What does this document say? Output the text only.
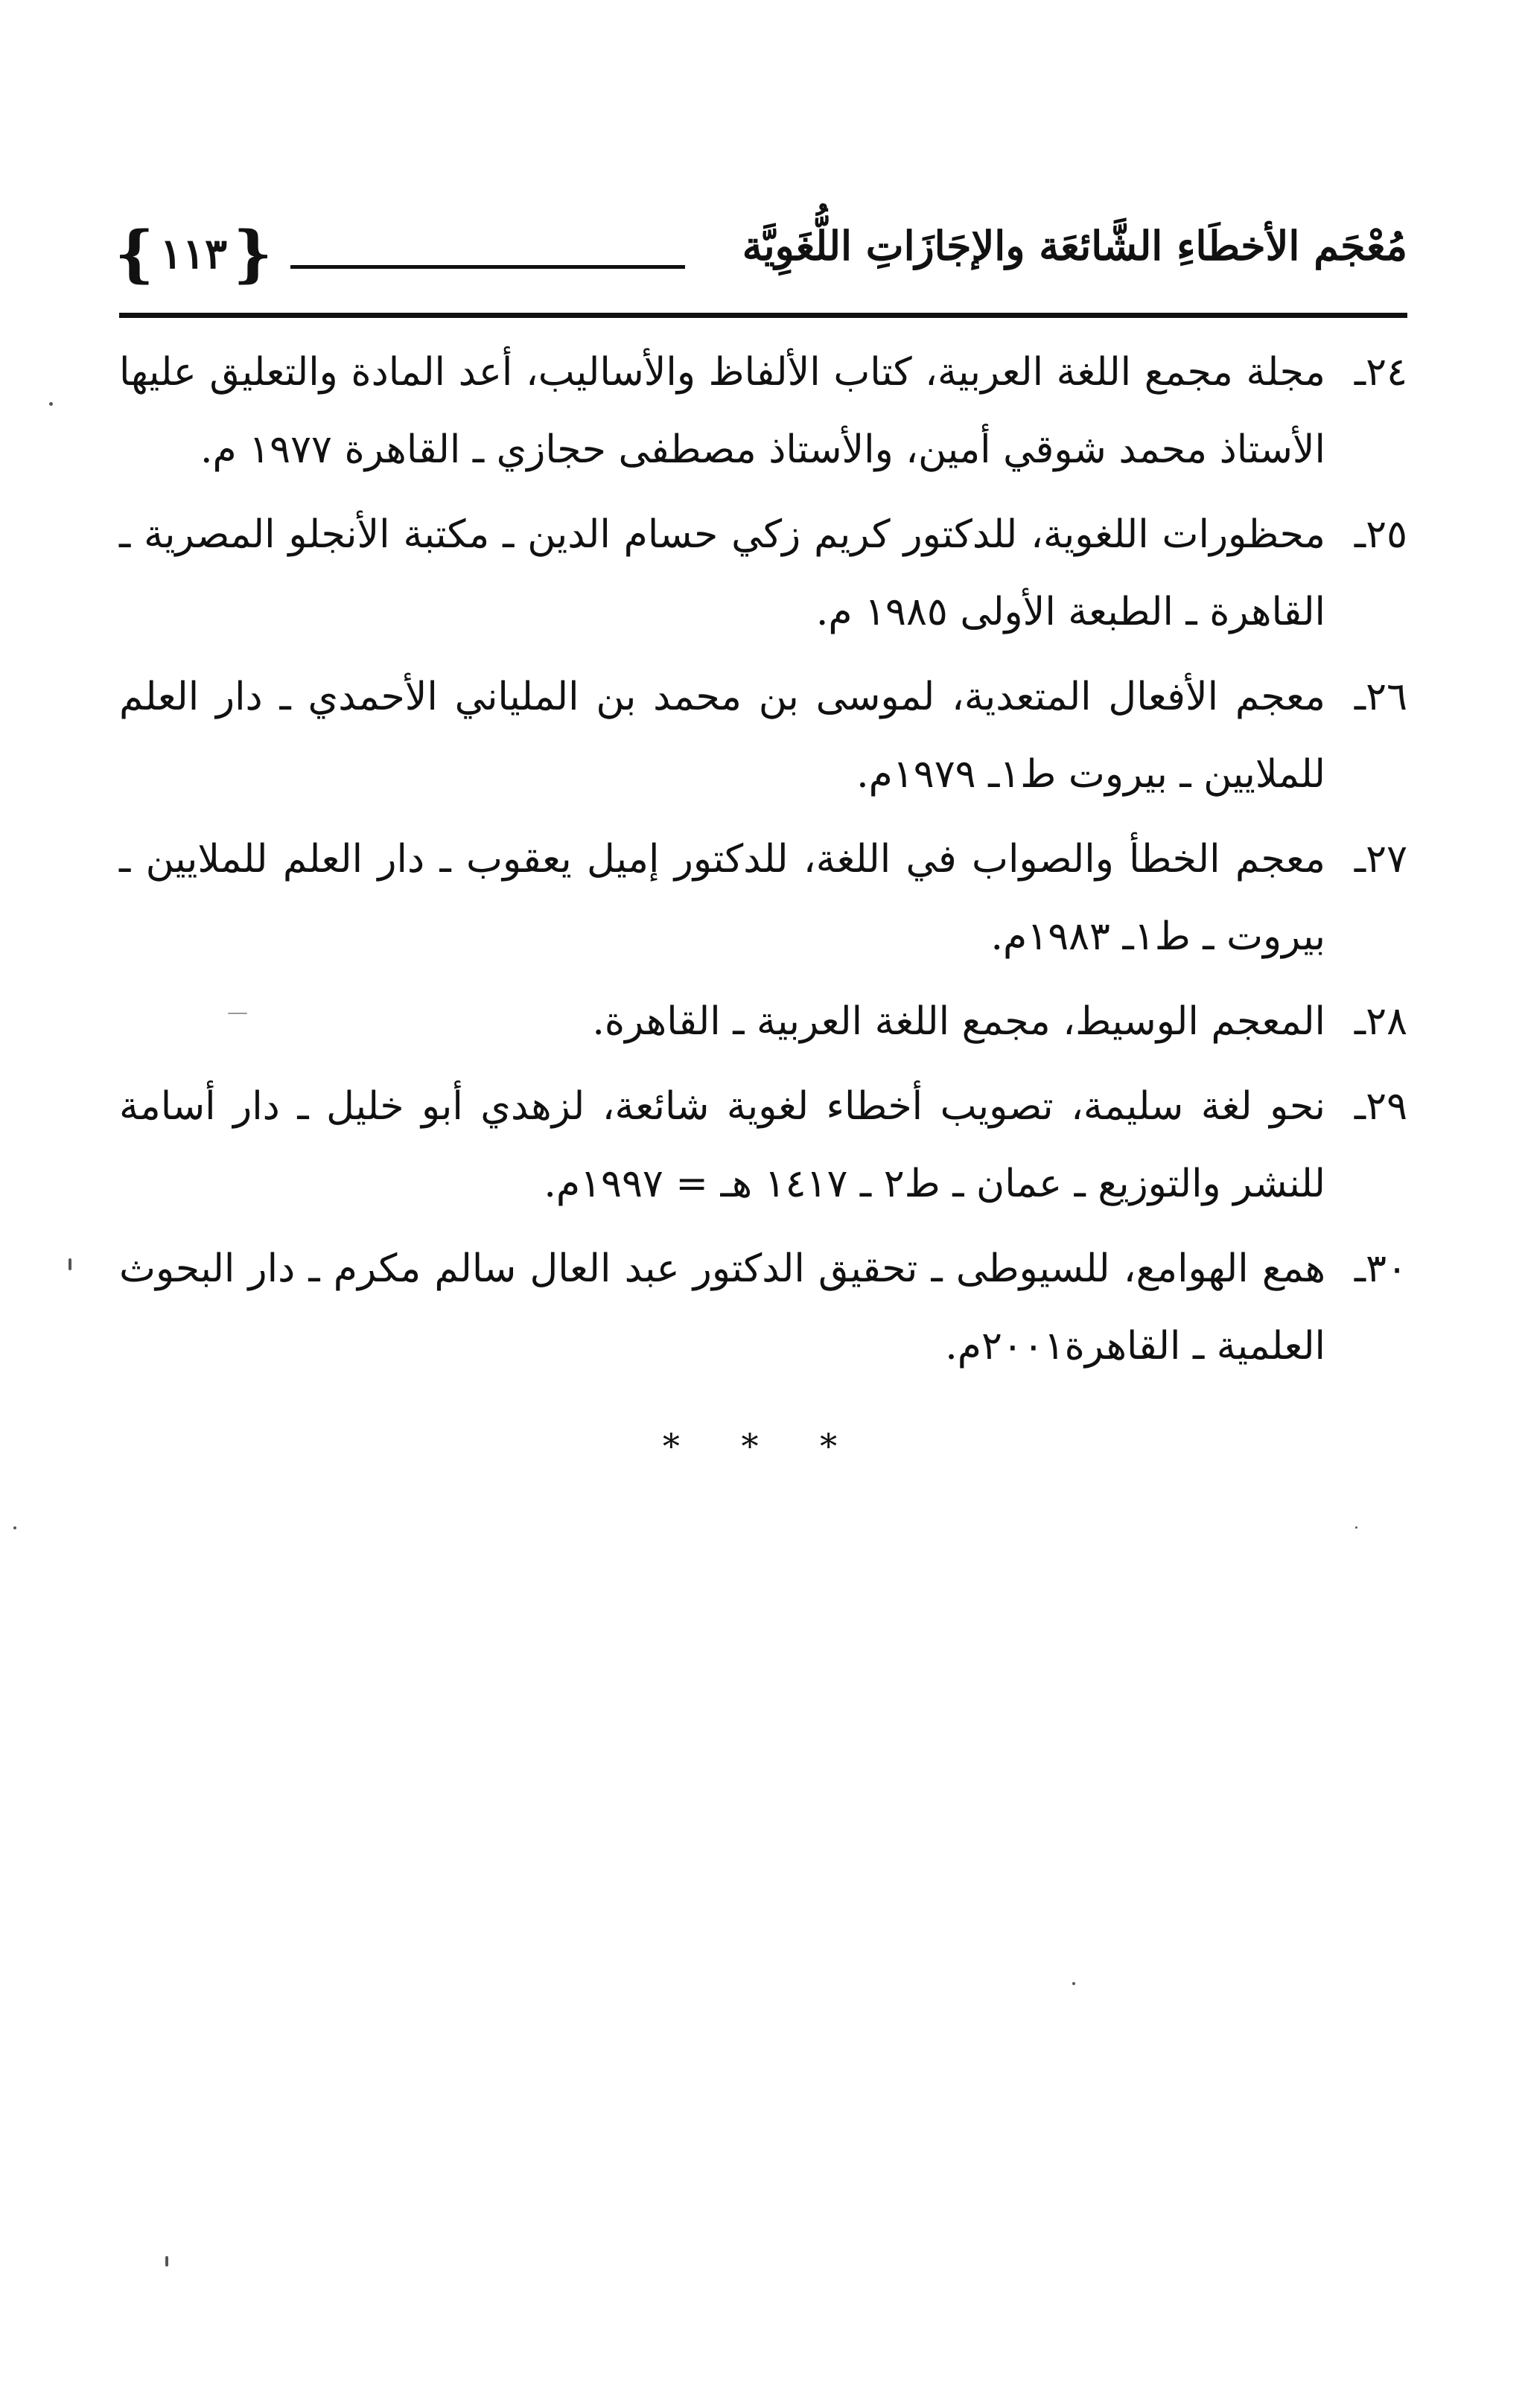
مُعْجَم الأخطَاءِ الشَّائعَة والإجَازَاتِ اللُّغَوِيَّة
{
١١٣
}
٢٤ـ
مجلة مجمع اللغة العربية، كتاب الألفاظ والأساليب، أعد المادة والتعليق عليها الأستاذ محمد شوقي أمين، والأستاذ مصطفى حجازي ـ القاهرة ١٩٧٧ م.
٢٥ـ
محظورات اللغوية، للدكتور كريم زكي حسام الدين ـ مكتبة الأنجلو المصرية ـ القاهرة ـ الطبعة الأولى ١٩٨٥ م.
٢٦ـ
معجم الأفعال المتعدية، لموسى بن محمد بن الملياني الأحمدي ـ دار العلم للملايين ـ بيروت ط١ـ ١٩٧٩م.
٢٧ـ
معجم الخطأ والصواب في اللغة، للدكتور إميل يعقوب ـ دار العلم للملايين ـ بيروت ـ ط١ـ ١٩٨٣م.
٢٨ـ
المعجم الوسيط، مجمع اللغة العربية ـ القاهرة.
٢٩ـ
نحو لغة سليمة، تصويب أخطاء لغوية شائعة، لزهدي أبو خليل ـ دار أسامة للنشر والتوزيع ـ عمان ـ ط٢ ـ ١٤١٧ هـ = ١٩٩٧م.
٣٠ـ
همع الهوامع، للسيوطى ـ تحقيق الدكتور عبد العال سالم مكرم ـ دار البحوث العلمية ـ القاهرة٢٠٠١م.
* * *
